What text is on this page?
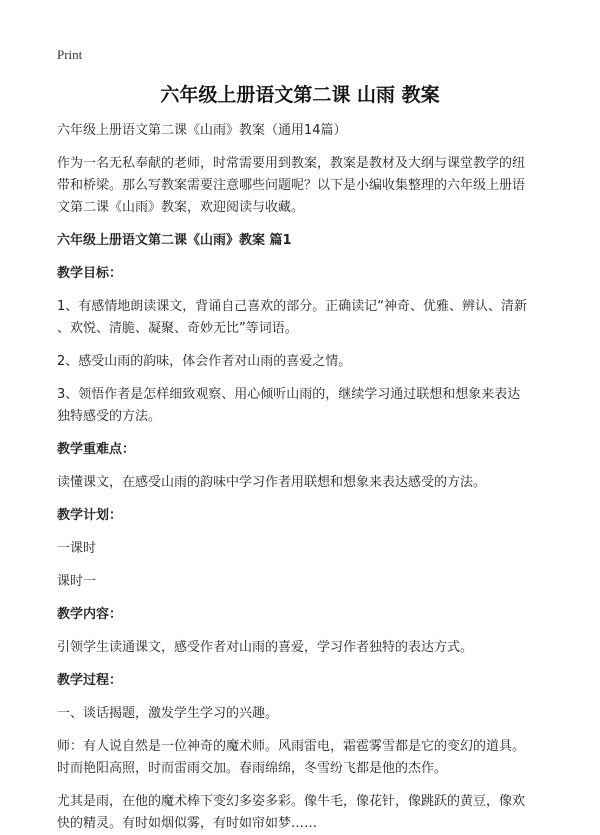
Print
六年级上册语文第二课 山雨 教案

六年级上册语文第二课《山雨》教案（通用14篇）

作为一名无私奉献的老师，时常需要用到教案，教案是教材及大纲与课堂教学的纽

带和桥梁。那么写教案需要注意哪些问题呢？以下是小编收集整理的六年级上册语

文第二课《山雨》教案，欢迎阅读与收藏。

六年级上册语文第二课《山雨》教案 篇1

教学目标：

1、有感情地朗读课文，背诵自己喜欢的部分。正确读记“神奇、优雅、辨认、清新

、欢悦、清脆、凝聚、奇妙无比”等词语。

2、感受山雨的韵味，体会作者对山雨的喜爱之情。

3、领悟作者是怎样细致观察、用心倾听山雨的，继续学习通过联想和想象来表达

独特感受的方法。

教学重难点：

读懂课文，在感受山雨的韵味中学习作者用联想和想象来表达感受的方法。

教学计划：

一课时

课时一

教学内容：

引领学生读通课文，感受作者对山雨的喜爱，学习作者独特的表达方式。

教学过程：

一、谈话揭题，激发学生学习的兴趣。

师：有人说自然是一位神奇的魔术师。风雨雷电，霜雹雾雪都是它的变幻的道具。

时而艳阳高照，时而雷雨交加。春雨绵绵，冬雪纷飞都是他的杰作。

尤其是雨，在他的魔术棒下变幻多姿多彩。像牛毛，像花针，像跳跃的黄豆，像欢

快的精灵。有时如烟似雾，有时如帘如梦……
